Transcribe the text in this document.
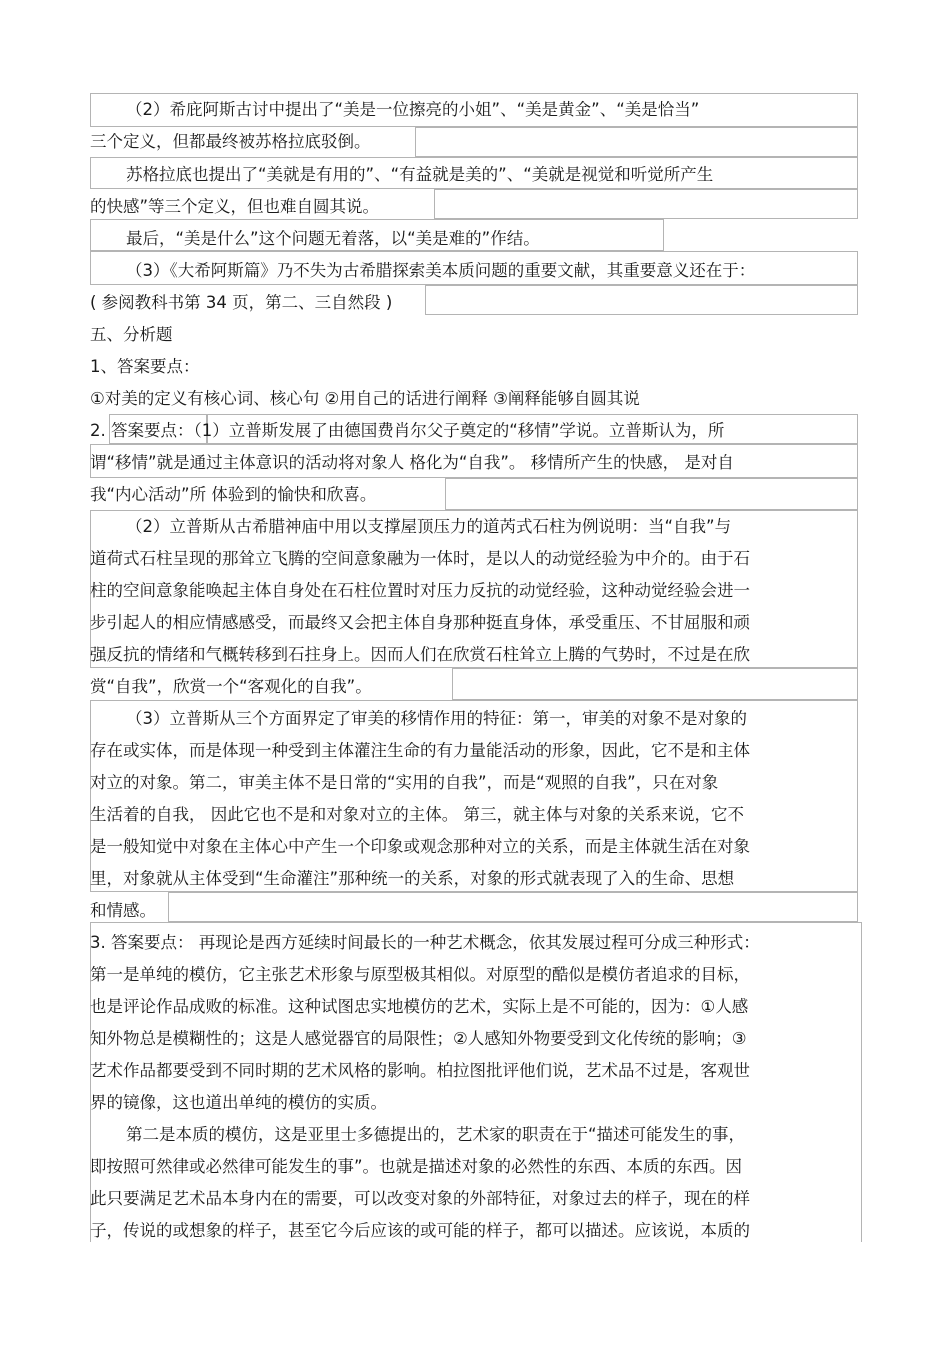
（2）希庇阿斯古讨中提出了“美是一位擦亮的小姐”、“美是黄金”、“美是恰当”
三个定义，但都最终被苏格拉底驳倒。
苏格拉底也提出了“美就是有用的”、“有益就是美的”、“美就是视觉和听觉所产生
的快感”等三个定义，但也难自圆其说。
最后，“美是什么”这个问题无着落，以“美是难的”作结。
（3）《大希阿斯篇》乃不失为古希腊探索美本质问题的重要文献，其重要意义还在于：
( 参阅教科书第 34 页，第二、三自然段 )
五、分析题
1、答案要点：
①对美的定义有核心词、核心句 ②用自己的话进行阐释 ③阐释能够自圆其说
2. 答案要点：（1）立普斯发展了由德国费肖尔父子奠定的“移情”学说。立普斯认为，所
谓“移情”就是通过主体意识的活动将对象人 格化为“自我”。 移情所产生的快感， 是对自
我“内心活动”所 体验到的愉快和欣喜。
（2）立普斯从古希腊神庙中用以支撑屋顶压力的道芮式石柱为例说明：当“自我”与
道荷式石柱呈现的那耸立飞腾的空间意象融为一体时，是以人的动觉经验为中介的。由于石
柱的空间意象能唤起主体自身处在石柱位置时对压力反抗的动觉经验，这种动觉经验会进一
步引起人的相应情感感受，而最终又会把主体自身那种挺直身体，承受重压、不甘屈服和顽
强反抗的情绪和气概转移到石拄身上。因而人们在欣赏石柱耸立上腾的气势时，不过是在欣
赏“自我”，欣赏一个“客观化的自我”。
（3）立普斯从三个方面界定了审美的移情作用的特征：第一，审美的对象不是对象的
存在或实体，而是体现一种受到主体灌注生命的有力量能活动的形象，因此，它不是和主体
对立的对象。第二，审美主体不是日常的“实用的自我”，而是“观照的自我”，只在对象
生活着的自我， 因此它也不是和对象对立的主体。 第三，就主体与对象的关系来说，它不
是一般知觉中对象在主体心中产生一个印象或观念那种对立的关系，而是主体就生活在对象
里，对象就从主体受到“生命灌注”那种统一的关系，对象的形式就表现了入的生命、思想
和情感。
3. 答案要点： 再现论是西方延续时间最长的一种艺术概念，依其发展过程可分成三种形式：
第一是单纯的模仿，它主张艺术形象与原型极其相似。对原型的酷似是模仿者追求的目标，
也是评论作品成败的标准。这种试图忠实地模仿的艺术，实际上是不可能的，因为：①人感
知外物总是模糊性的；这是人感觉器官的局限性；②人感知外物要受到文化传统的影响；③
艺术作品都要受到不同时期的艺术风格的影响。柏拉图批评他们说，艺术品不过是，客观世
界的镜像，这也道出单纯的模仿的实质。
第二是本质的模仿，这是亚里士多德提出的，艺术家的职责在于“描述可能发生的事，
即按照可然律或必然律可能发生的事”。也就是描述对象的必然性的东西、本质的东西。因
此只要满足艺术品本身内在的需要，可以改变对象的外部特征，对象过去的样子，现在的样
子，传说的或想象的样子，甚至它今后应该的或可能的样子，都可以描述。应该说，本质的
